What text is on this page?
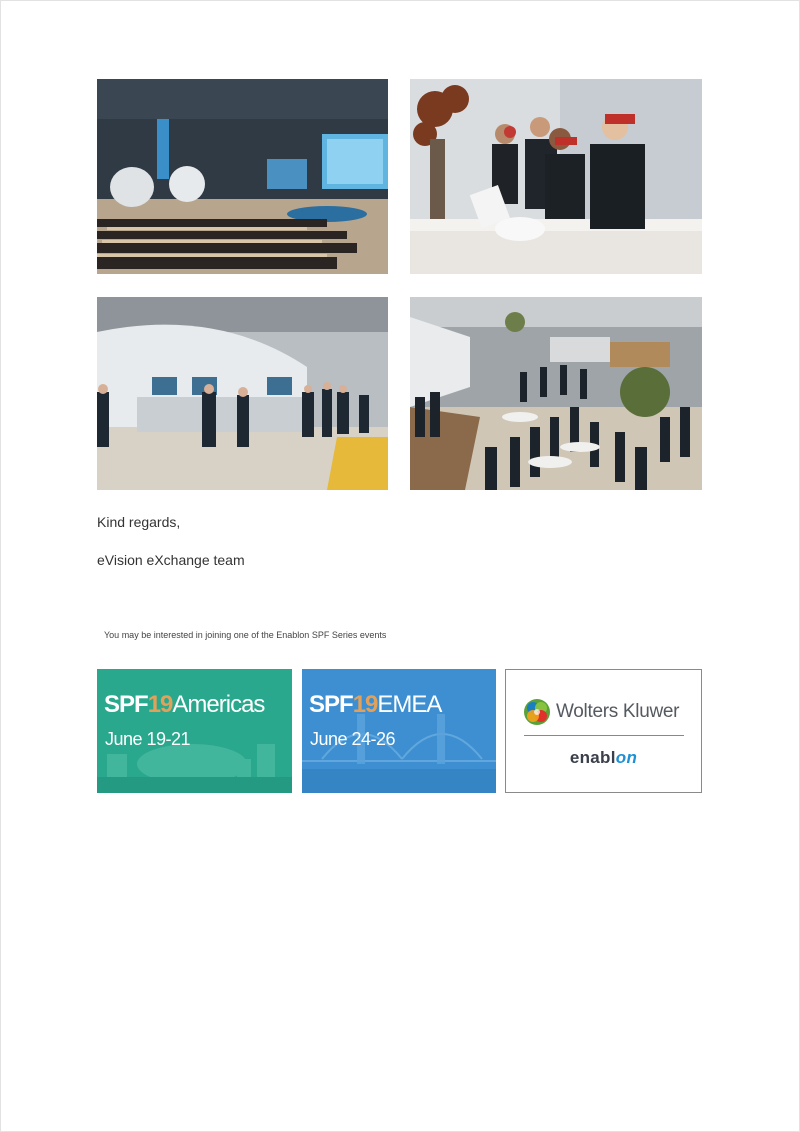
Kind regards,
eVision eXchange team
You may be interested in joining one of the Enablon SPF Series events
SPF19Americas
June 19-21
SPF19EMEA
June 24-26
Wolters Kluwer
enablon
